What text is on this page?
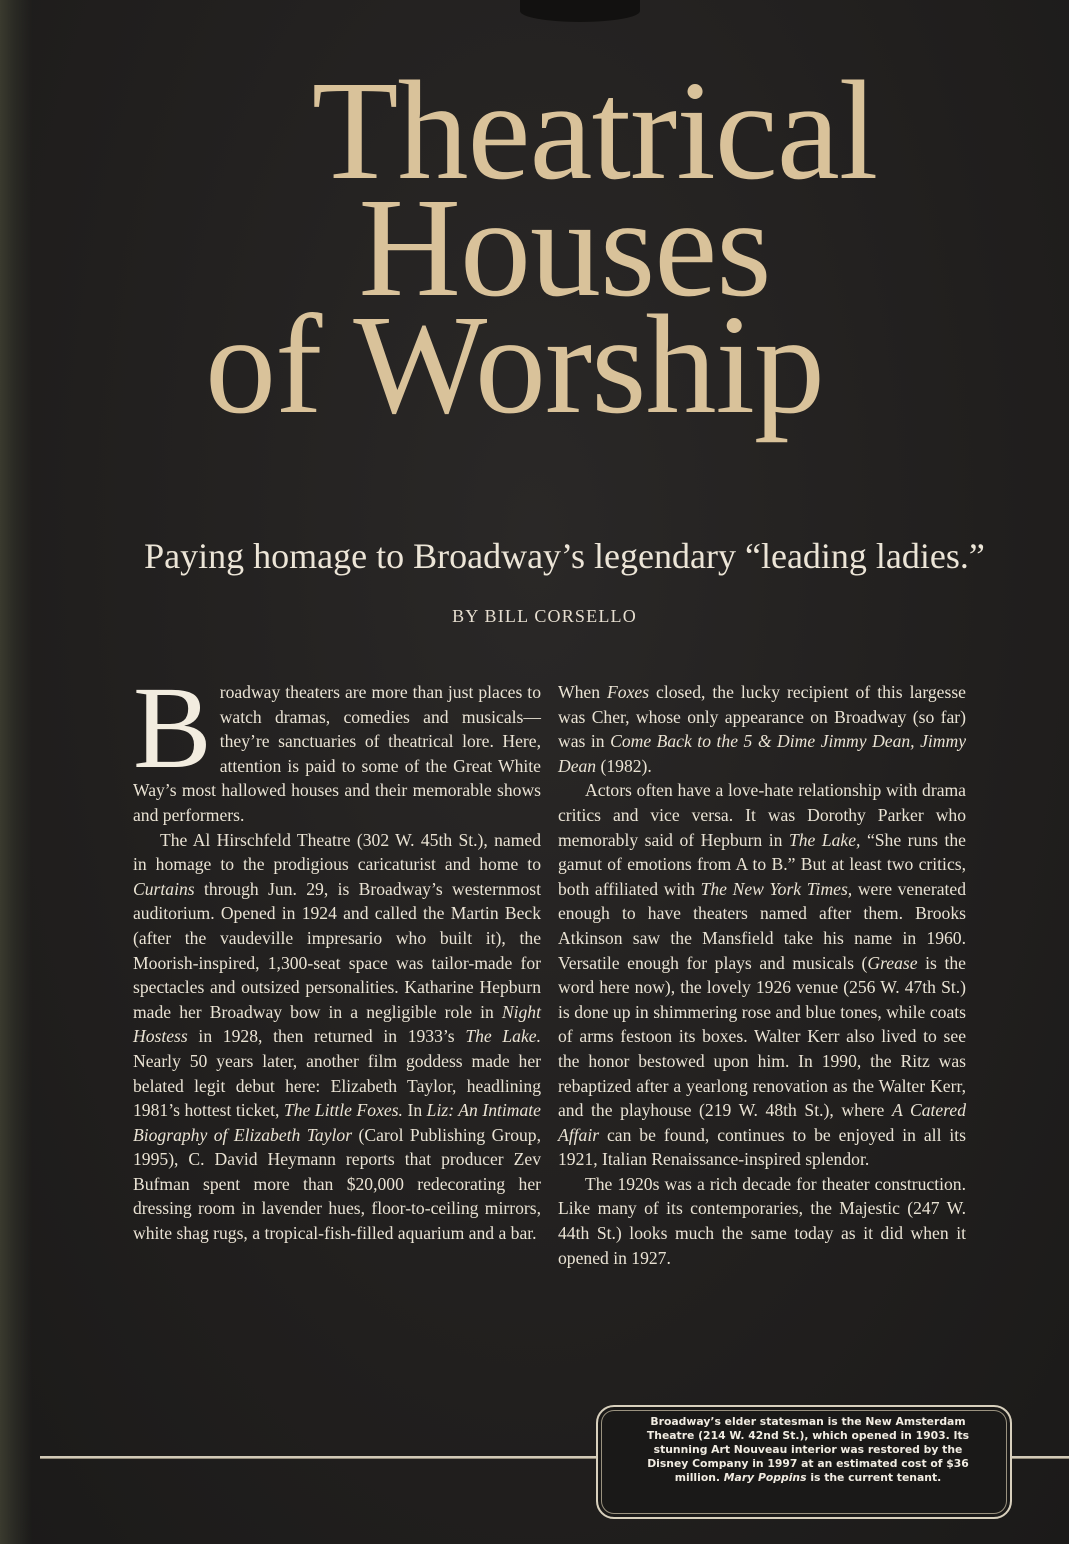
Theatrical
Houses
of Worship
Paying homage to Broadway’s legendary “leading ladies.”
BY BILL CORSELLO

Broadway theaters are more than just places to watch dramas, comedies and musicals—they’re sanctuaries of theatrical lore. Here, attention is paid to some of the Great White Way’s most hallowed houses and their memorable shows and performers.

The Al Hirschfeld Theatre (302 W. 45th St.), named in homage to the prodigious caricaturist and home to Curtains through Jun. 29, is Broadway’s westernmost auditorium. Opened in 1924 and called the Martin Beck (after the vaudeville impresario who built it), the Moorish-inspired, 1,300-seat space was tailor-made for spectacles and outsized personalities. Katharine Hepburn made her Broadway bow in a negligible role in Night Hostess in 1928, then returned in 1933’s The Lake. Nearly 50 years later, another film goddess made her belated legit debut here: Elizabeth Taylor, headlining 1981’s hottest ticket, The Little Foxes. In Liz: An Intimate Biography of Elizabeth Taylor (Carol Publishing Group, 1995), C. David Heymann reports that producer Zev Bufman spent more than $20,000 redecorating her dressing room in lavender hues, floor-to-ceiling mirrors, white shag rugs, a tropical-fish-filled aquarium and a bar.

When Foxes closed, the lucky recipient of this largesse was Cher, whose only appearance on Broadway (so far) was in Come Back to the 5 & Dime Jimmy Dean, Jimmy Dean (1982).

Actors often have a love-hate relationship with drama critics and vice versa. It was Dorothy Parker who memorably said of Hepburn in The Lake, “She runs the gamut of emotions from A to B.” But at least two critics, both affiliated with The New York Times, were venerated enough to have theaters named after them. Brooks Atkinson saw the Mansfield take his name in 1960. Versatile enough for plays and musicals (Grease is the word here now), the lovely 1926 venue (256 W. 47th St.) is done up in shimmering rose and blue tones, while coats of arms festoon its boxes. Walter Kerr also lived to see the honor bestowed upon him. In 1990, the Ritz was rebaptized after a yearlong renovation as the Walter Kerr, and the playhouse (219 W. 48th St.), where A Catered Affair can be found, continues to be enjoyed in all its 1921, Italian Renaissance-inspired splendor.

The 1920s was a rich decade for theater construction. Like many of its contemporaries, the Majestic (247 W. 44th St.) looks much the same today as it did when it opened in 1927.

Broadway’s elder statesman is the New Amsterdam Theatre (214 W. 42nd St.), which opened in 1903. Its stunning Art Nouveau interior was restored by the Disney Company in 1997 at an estimated cost of $36 million. Mary Poppins is the current tenant.
